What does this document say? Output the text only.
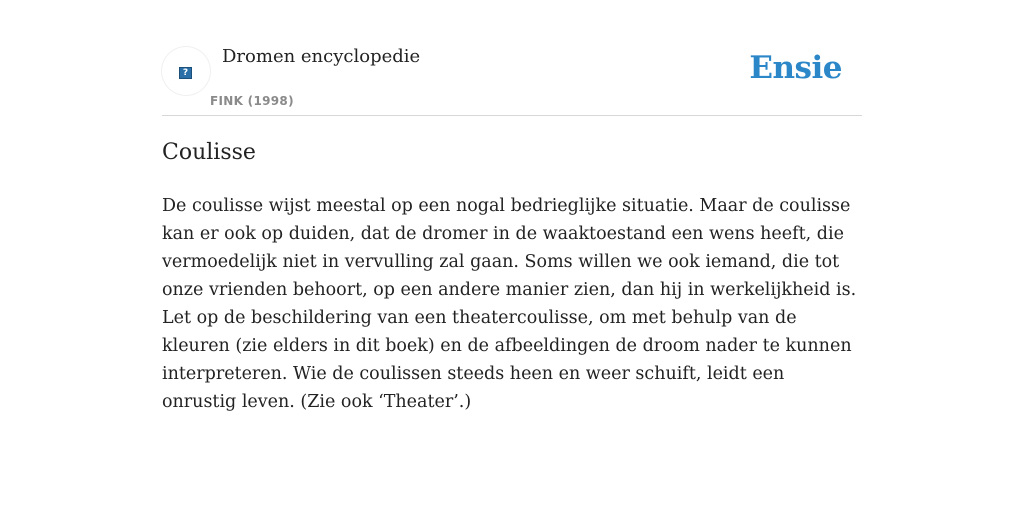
?
Dromen encyclopedie
FINK (1998)
Ensie
Coulisse

De coulisse wijst meestal op een nogal bedrieglijke situatie. Maar de coulisse kan er ook op duiden, dat de dromer in de waaktoestand een wens heeft, die vermoedelijk niet in vervulling zal gaan. Soms willen we ook iemand, die tot onze vrienden behoort, op een andere manier zien, dan hij in werkelijkheid is. Let op de beschildering van een theatercoulisse, om met behulp van de kleuren (zie elders in dit boek) en de afbeeldingen de droom nader te kunnen interpreteren. Wie de coulissen steeds heen en weer schuift, leidt een onrustig leven. (Zie ook ‘Theater’.)
